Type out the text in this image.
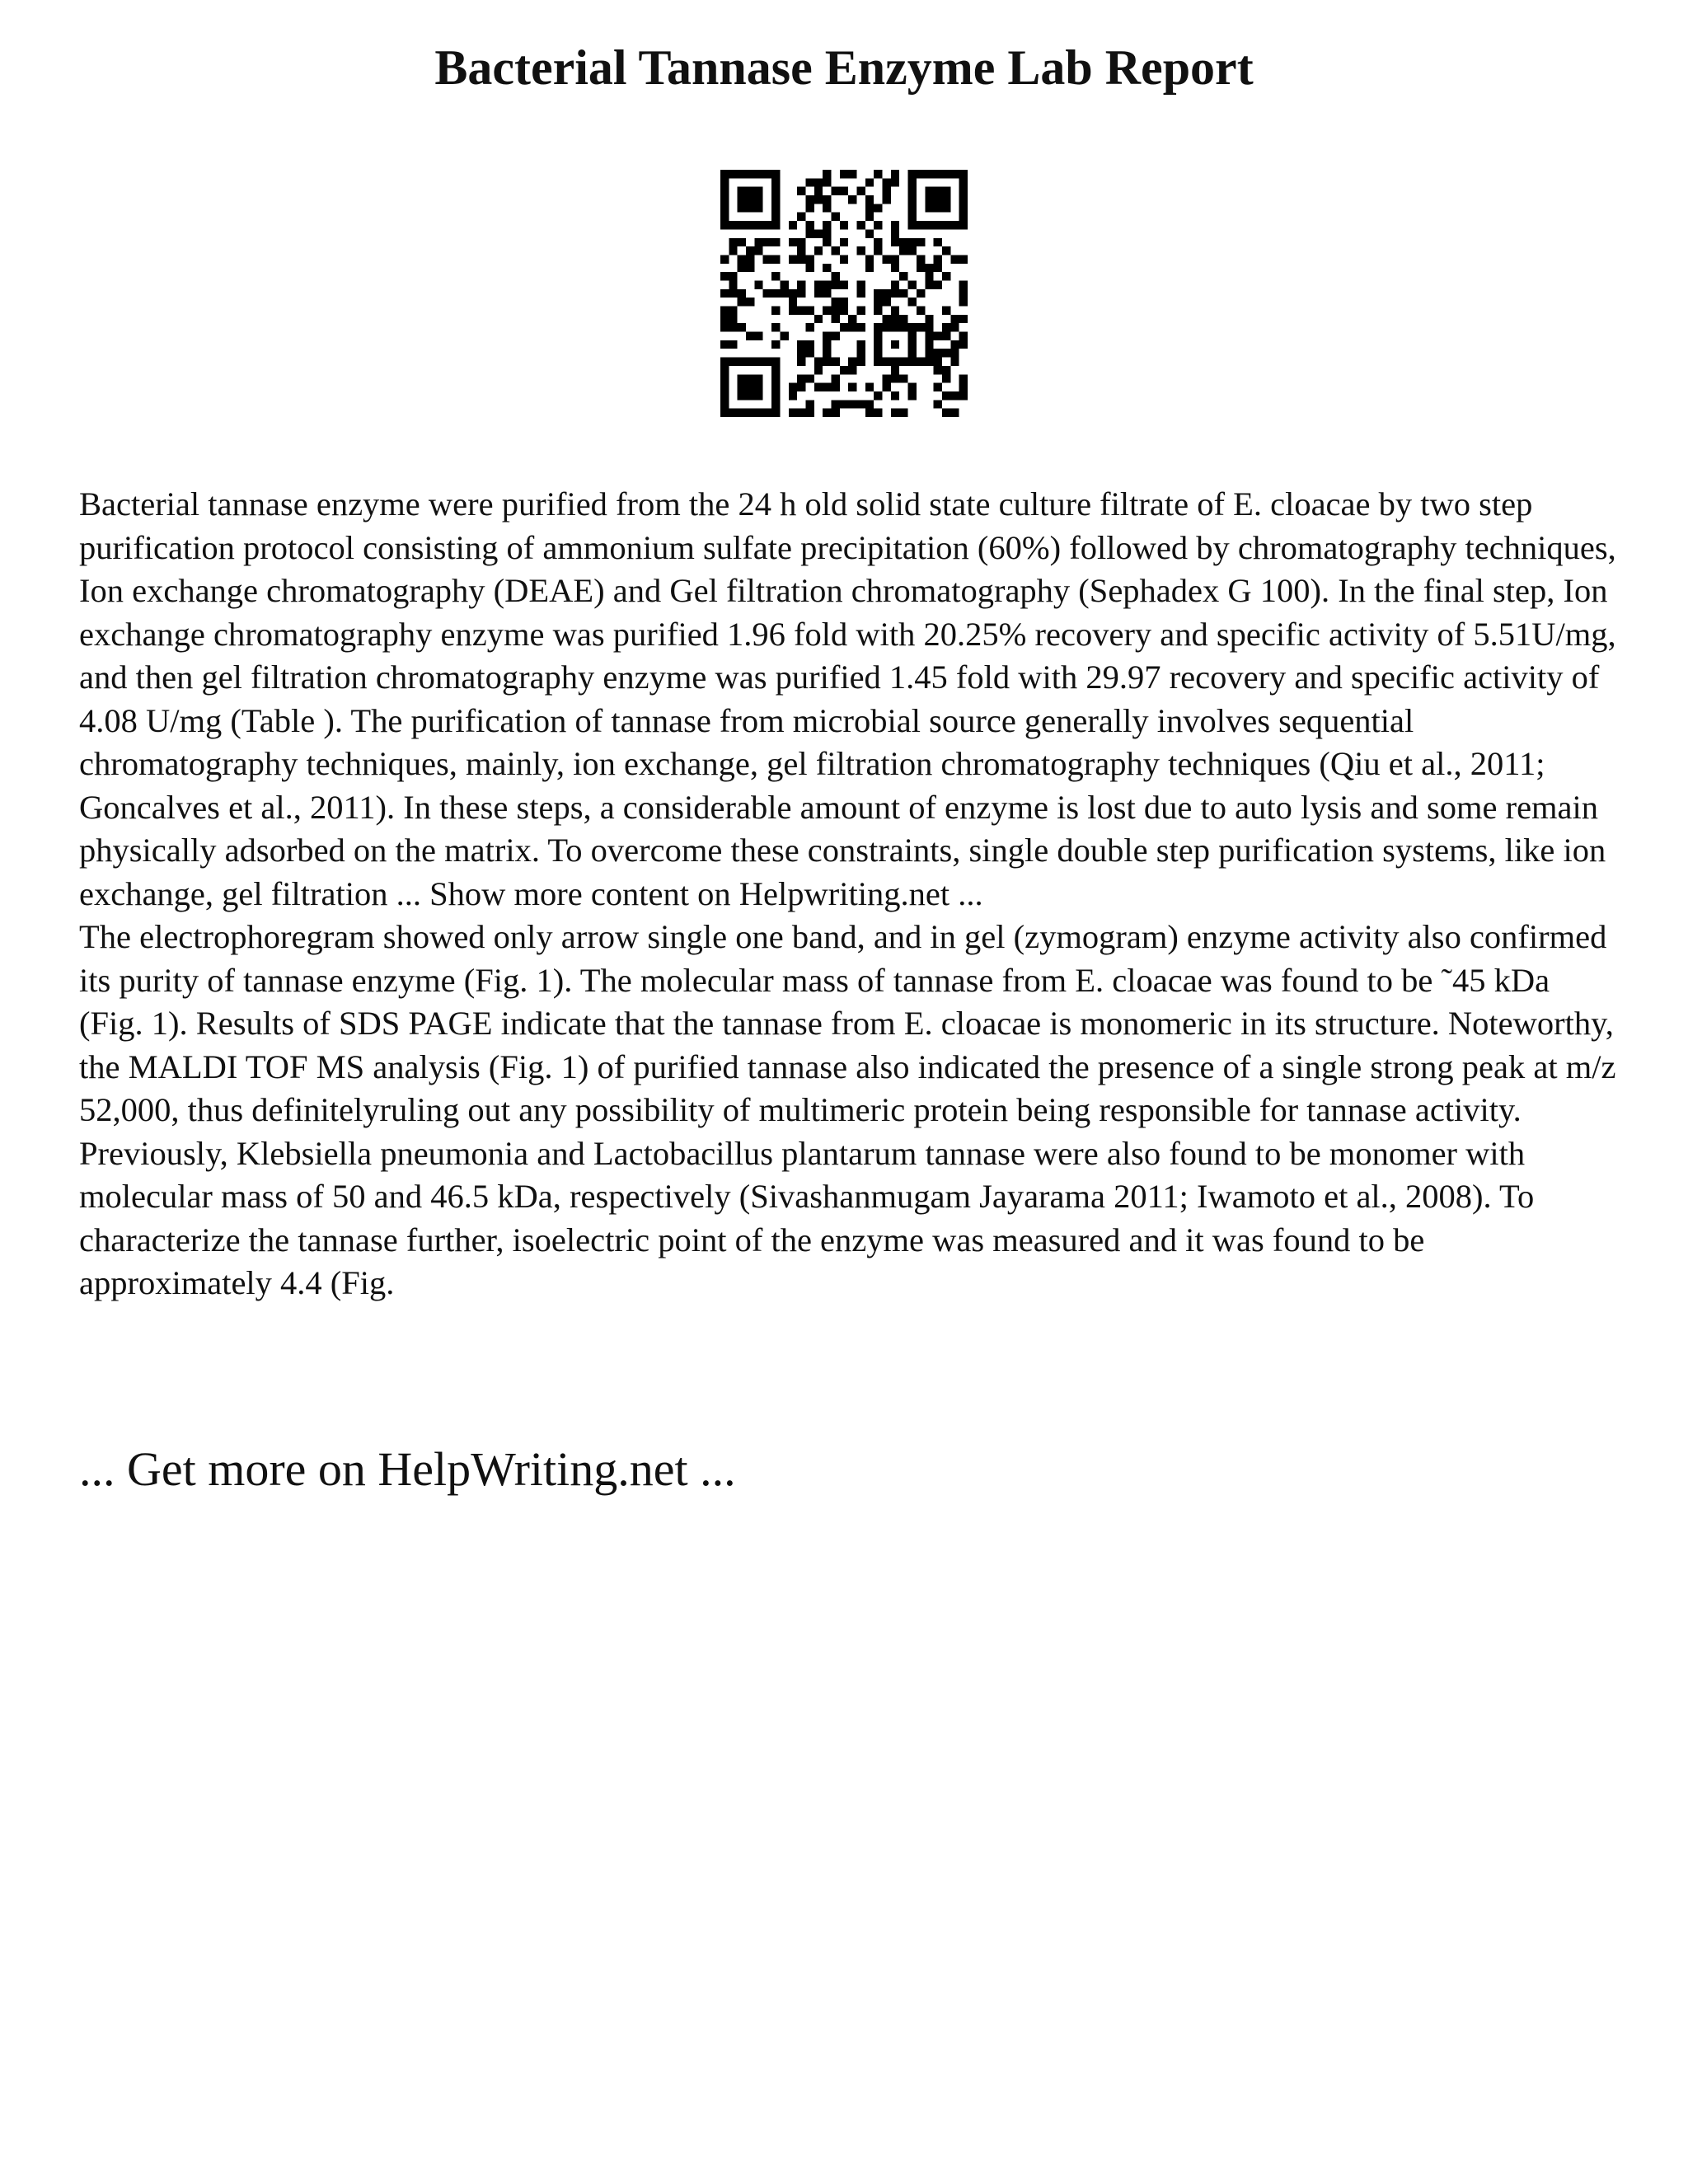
Bacterial Tannase Enzyme Lab Report

Bacterial tannase enzyme were purified from the 24 h old solid state culture filtrate of E. cloacae by two step purification protocol consisting of ammonium sulfate precipitation (60%) followed by chromatography techniques, Ion exchange chromatography (DEAE) and Gel filtration chromatography (Sephadex G 100). In the final step, Ion exchange chromatography enzyme was purified 1.96 fold with 20.25% recovery and specific activity of 5.51U/mg, and then gel filtration chromatography enzyme was purified 1.45 fold with 29.97 recovery and specific activity of 4.08 U/mg (Table ). The purification of tannase from microbial source generally involves sequential chromatography techniques, mainly, ion exchange, gel filtration chromatography techniques (Qiu et al., 2011; Goncalves et al., 2011). In these steps, a considerable amount of enzyme is lost due to auto lysis and some remain physically adsorbed on the matrix. To overcome these constraints, single double step purification systems, like ion exchange, gel filtration ... Show more content on Helpwriting.net ...

The electrophoregram showed only arrow single one band, and in gel (zymogram) enzyme activity also confirmed its purity of tannase enzyme (Fig. 1). The molecular mass of tannase from E. cloacae was found to be ˜45 kDa (Fig. 1). Results of SDS PAGE indicate that the tannase from E. cloacae is monomeric in its structure. Noteworthy, the MALDI TOF MS analysis (Fig. 1) of purified tannase also indicated the presence of a single strong peak at m/z 52,000, thus definitelyruling out any possibility of multimeric protein being responsible for tannase activity. Previously, Klebsiella pneumonia and Lactobacillus plantarum tannase were also found to be monomer with molecular mass of 50 and 46.5 kDa, respectively (Sivashanmugam Jayarama 2011; Iwamoto et al., 2008). To characterize the tannase further, isoelectric point of the enzyme was measured and it was found to be approximately 4.4 (Fig.

... Get more on HelpWriting.net ...
